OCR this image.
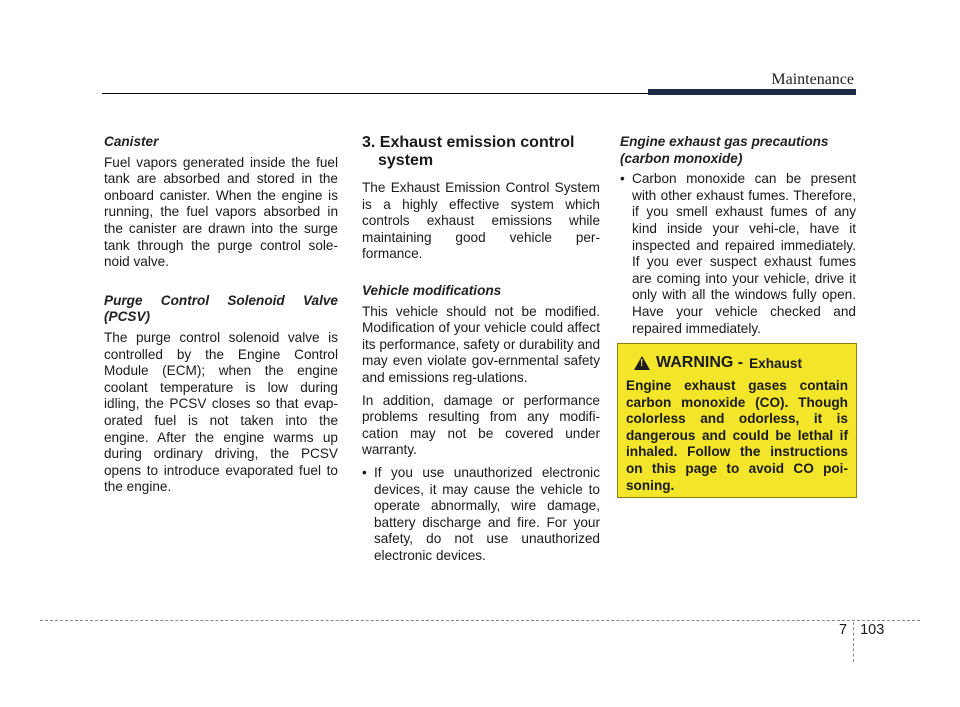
Maintenance
Canister
Fuel vapors generated inside the fuel tank are absorbed and stored in the onboard canister. When the engine is running, the fuel vapors absorbed in the canister are drawn into the surge tank through the purge control sole-noid valve.
Purge Control Solenoid Valve (PCSV)
The purge control solenoid valve is controlled by the Engine Control Module (ECM); when the engine coolant temperature is low during idling, the PCSV closes so that evap-orated fuel is not taken into the engine. After the engine warms up during ordinary driving, the PCSV opens to introduce evaporated fuel to the engine.
3. Exhaust emission control system
The Exhaust Emission Control System is a highly effective system which controls exhaust emissions while maintaining good vehicle per-formance.
Vehicle modifications
This vehicle should not be modified. Modification of your vehicle could affect its performance, safety or durability and may even violate gov-ernmental safety and emissions reg-ulations.
In addition, damage or performance problems resulting from any modifi-cation may not be covered under warranty.
• If you use unauthorized electronic devices, it may cause the vehicle to operate abnormally, wire damage, battery discharge and fire. For your safety, do not use unauthorized electronic devices.
Engine exhaust gas precautions (carbon monoxide)
• Carbon monoxide can be present with other exhaust fumes. Therefore, if you smell exhaust fumes of any kind inside your vehi-cle, have it inspected and repaired immediately. If you ever suspect exhaust fumes are coming into your vehicle, drive it only with all the windows fully open. Have your vehicle checked and repaired immediately.
!
WARNING - Exhaust
Engine exhaust gases contain carbon monoxide (CO). Though colorless and odorless, it is dangerous and could be lethal if inhaled. Follow the instructions on this page to avoid CO poi-soning.
7 103
